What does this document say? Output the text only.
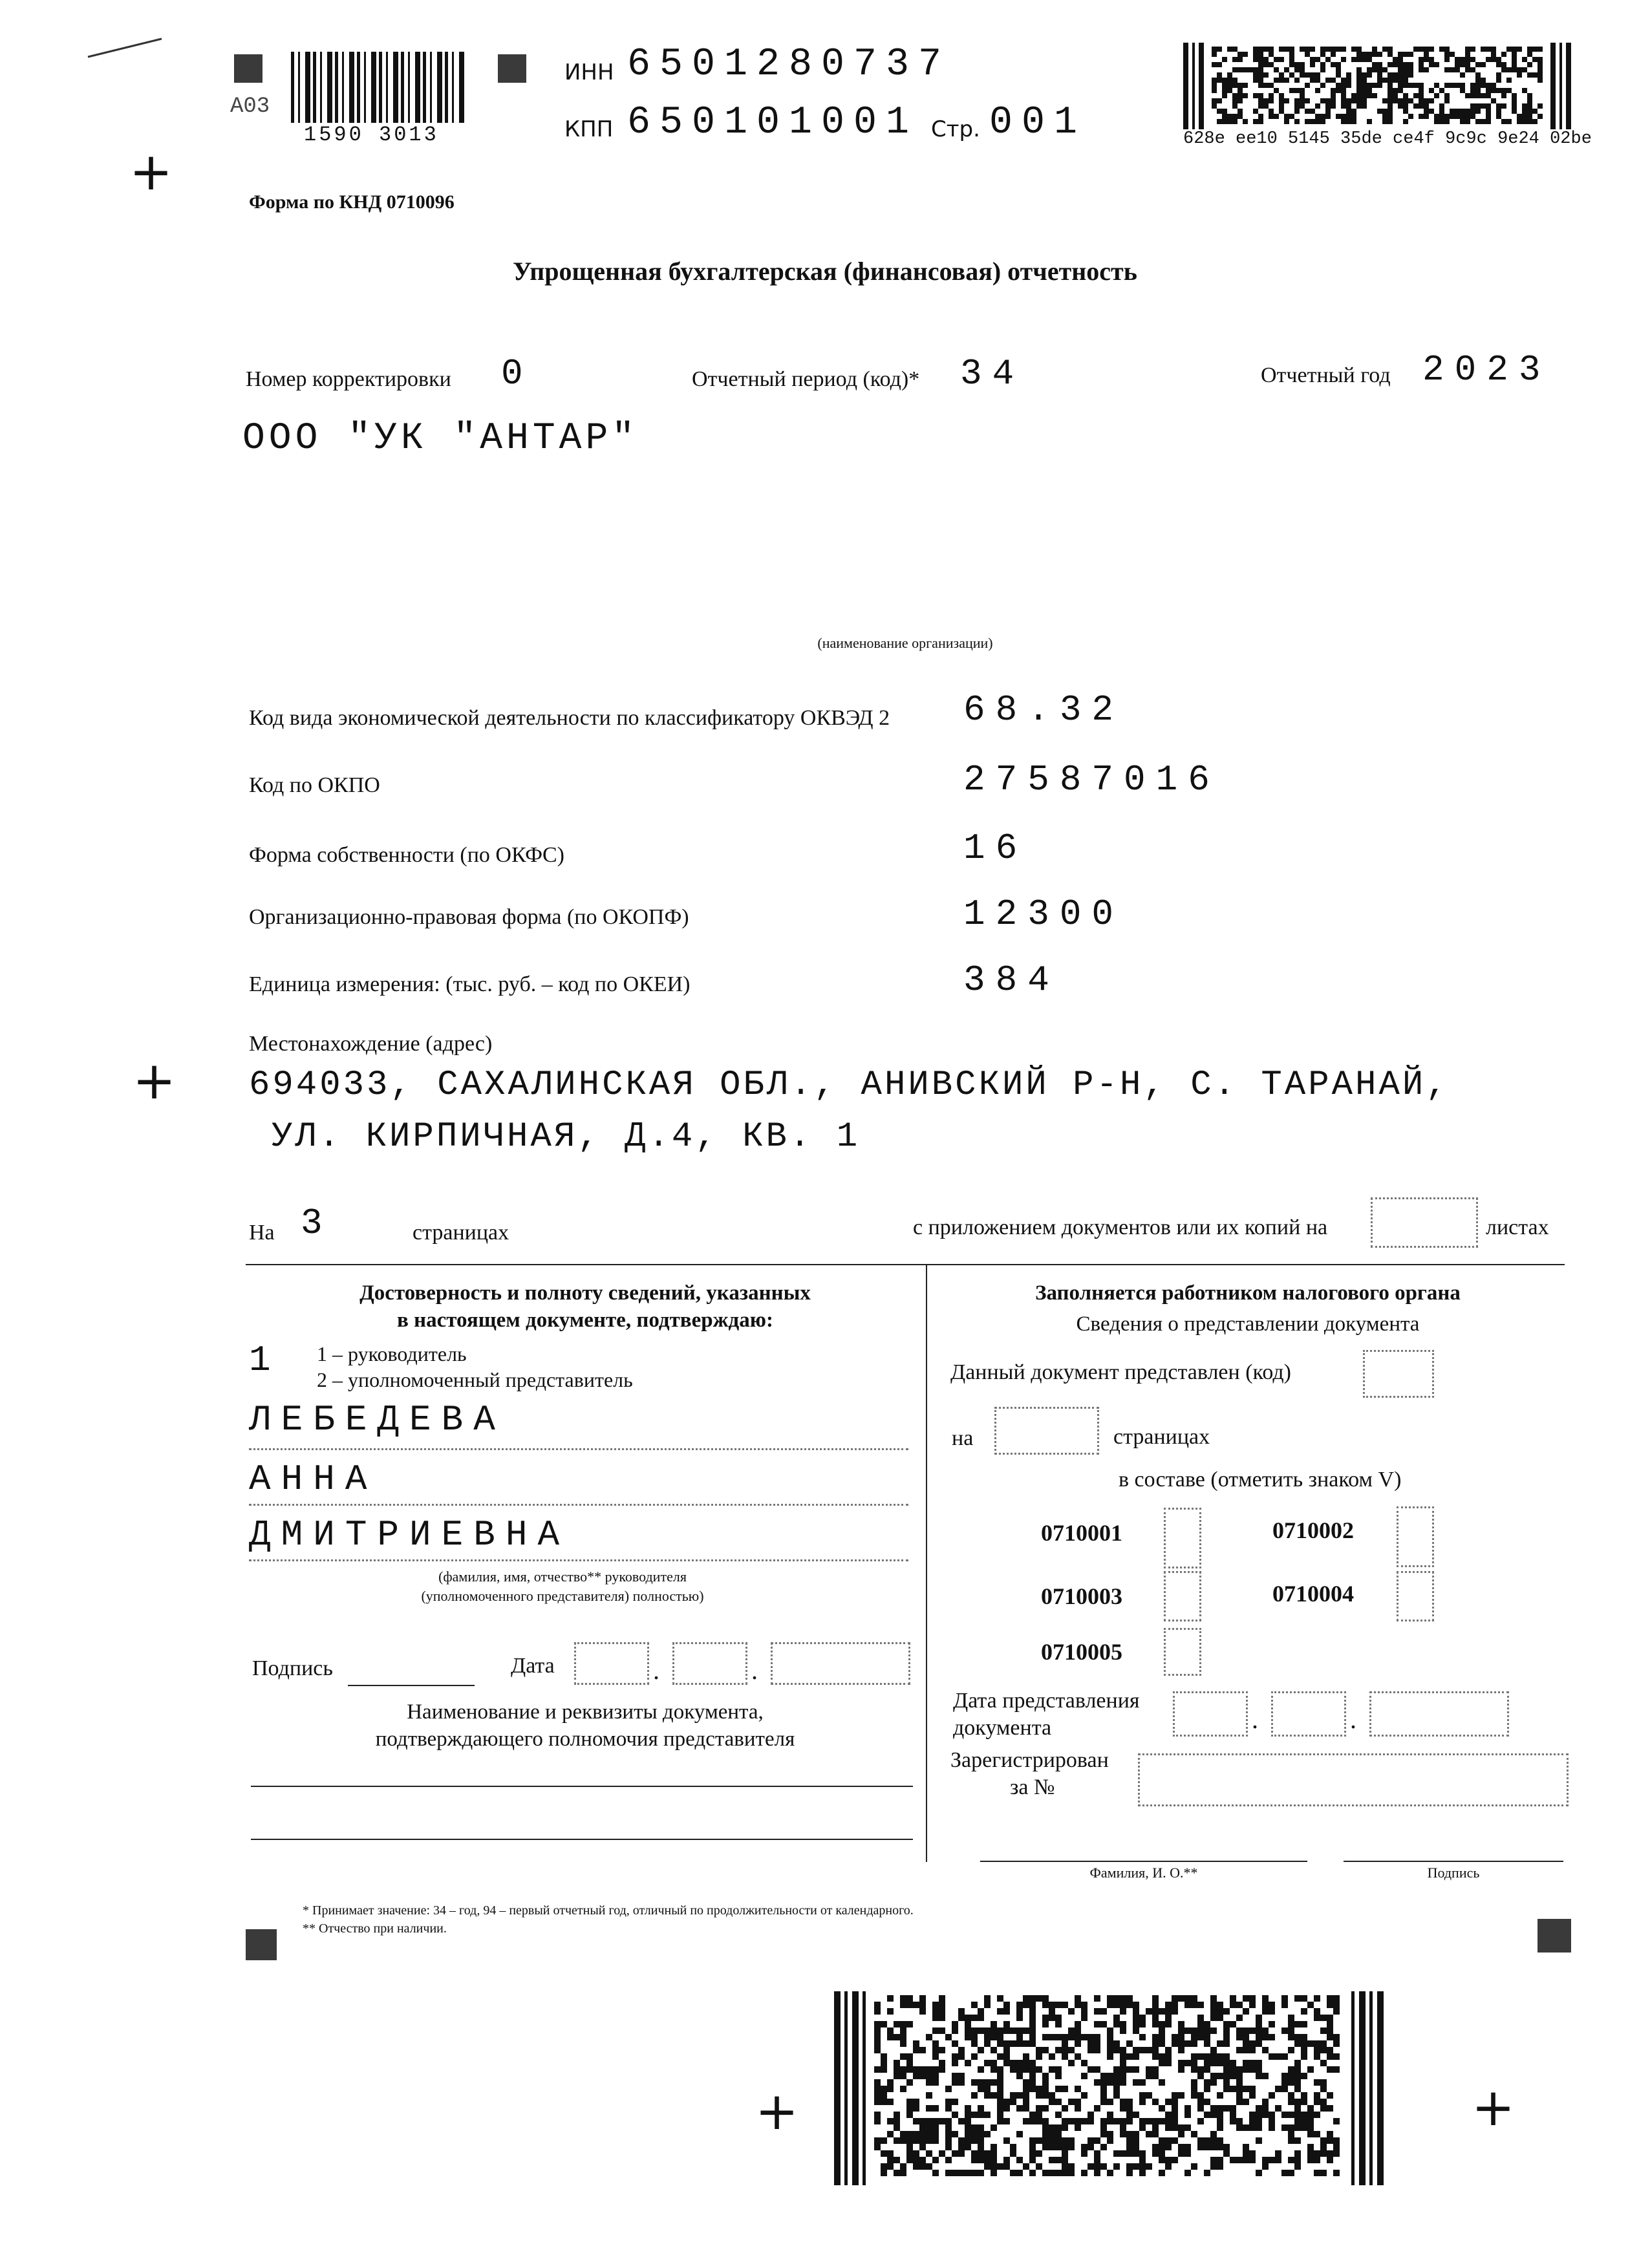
A03
1590 3013
ИНН 6501280737
КПП 650101001 Стр. 001	628e ee10 5145 35de ce4f 9c9c 9e24 02be
+
Форма по КНД 0710096
Упрощенная бухгалтерская (финансовая) отчетность
Номер корректировки 0	Отчетный период (код)* 34	Отчетный год 2023
ООО "УК "АНТАР"
(наименование организации)
Код вида экономической деятельности по классификатору ОКВЭД 2 68.32
Код по ОКПО	27587016
Форма собственности (по ОКФС)	16
Организационно-правовая форма (по ОКОПФ)	12300
Единица измерения: (тыс. руб. – код по ОКЕИ)	384
Местонахождение (адрес)
+ 694033, САХАЛИНСКАЯ ОБЛ., АНИВСКИЙ Р-Н, С. ТАРАНАЙ,
УЛ. КИРПИЧНАЯ, Д.4, КВ. 1
На 3	страницах	с приложением документов или их копий на	листах
Достоверность и полноту сведений, указанных
в настоящем документе, подтверждаю:
1 1 – руководитель
2 – уполномоченный представитель
ЛЕБЕДЕВА
АННА
ДМИТРИЕВНА
(фамилия, имя, отчество** руководителя
(уполномоченного представителя) полностью)
Подпись	Дата	.	.
Наименование и реквизиты документа,
подтверждающего полномочия представителя
Заполняется работником налогового органа
Сведения о представлении документа
Данный документ представлен (код)
на	страницах
в составе (отметить знаком V)
0710001	0710002
0710003	0710004
0710005
Дата представления
документа	.	.
Зарегистрирован
за №
Фамилия, И. О.**	Подпись
* Принимает значение: 34 – год, 94 – первый отчетный год, отличный по продолжительности от календарного.
** Отчество при наличии.
+	+
